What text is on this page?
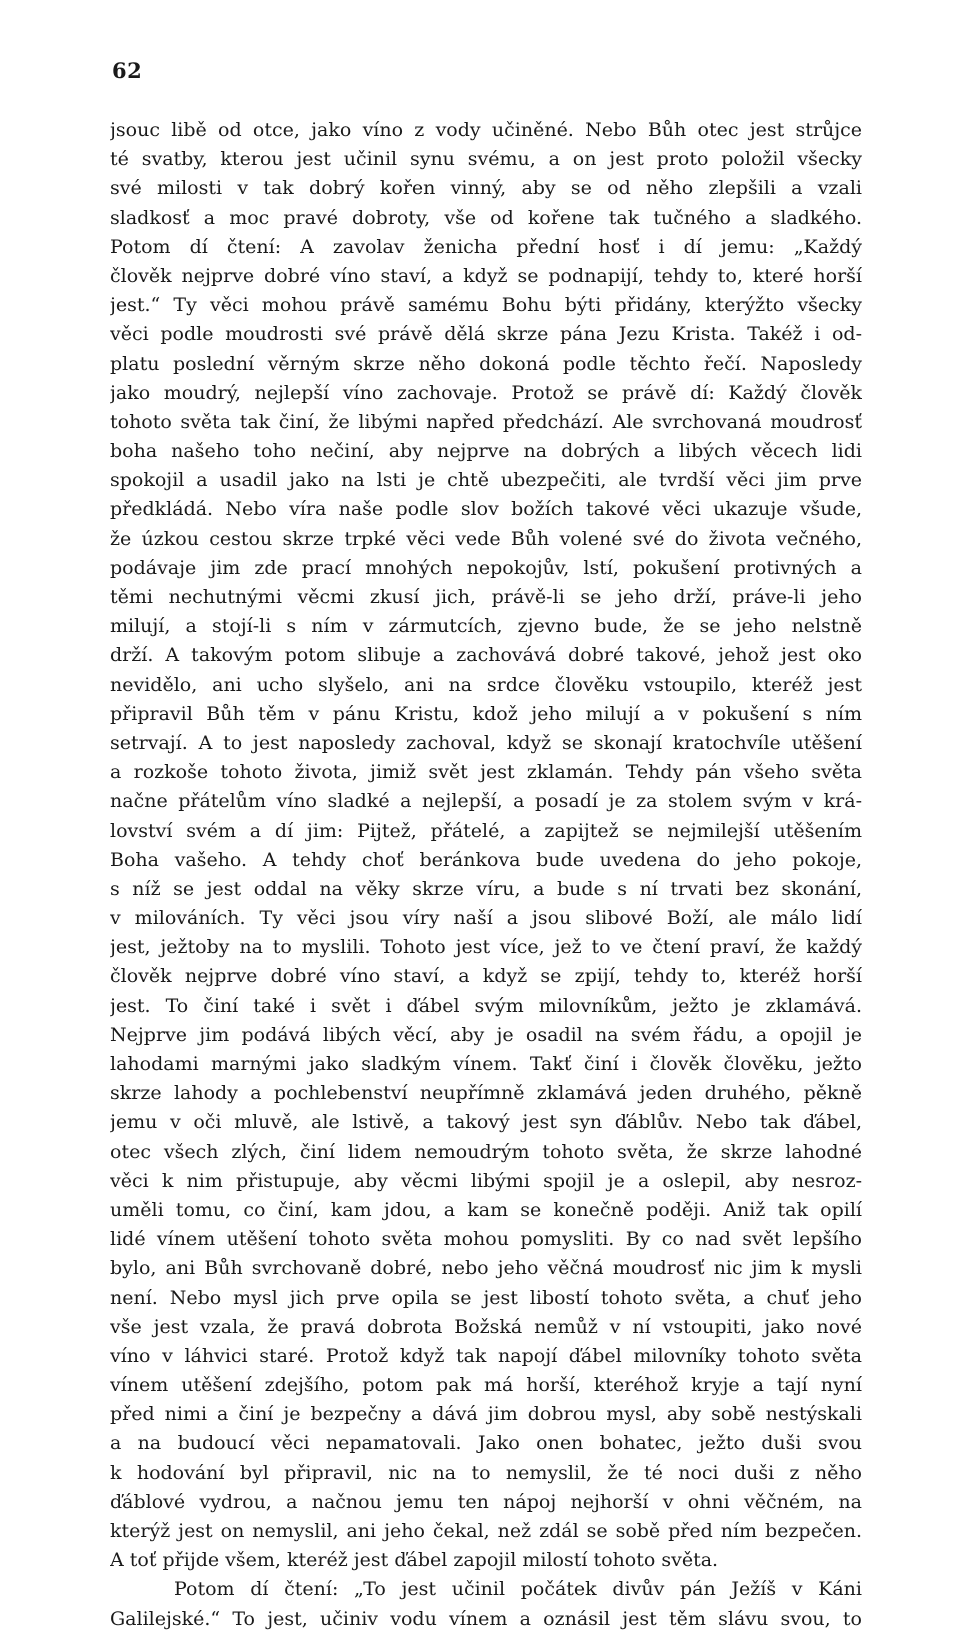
62
jsouc libě od otce, jako víno z vody učiněné. Nebo Bůh otec jest strůjce
té svatby, kterou jest učinil synu svému, a on jest proto položil všecky
své milosti v tak dobrý kořen vinný, aby se od něho zlepšili a vzali
sladkosť a moc pravé dobroty, vše od kořene tak tučného a sladkého.
Potom dí čtení: A zavolav ženicha přední hosť i dí jemu: „Každý
člověk nejprve dobré víno staví, a když se podnapijí, tehdy to, které horší
jest.“ Ty věci mohou právě samému Bohu býti přidány, kterýžto všecky
věci podle moudrosti své právě dělá skrze pána Jezu Krista. Takéž i od-
platu poslední věrným skrze něho dokoná podle těchto řečí. Naposledy
jako moudrý, nejlepší víno zachovaje. Protož se právě dí: Každý člověk
tohoto světa tak činí, že libými napřed předchází. Ale svrchovaná moudrosť
boha našeho toho nečiní, aby nejprve na dobrých a libých věcech lidi
spokojil a usadil jako na lsti je chtě ubezpečiti, ale tvrdší věci jim prve
předkládá. Nebo víra naše podle slov božích takové věci ukazuje všude,
že úzkou cestou skrze trpké věci vede Bůh volené své do života večného,
podávaje jim zde prací mnohých nepokojův, lstí, pokušení protivných a
těmi nechutnými věcmi zkusí jich, právě-li se jeho drží, práve-li jeho
milují, a stojí-li s ním v zármutcích, zjevno bude, že se jeho nelstně
drží. A takovým potom slibuje a zachovává dobré takové, jehož jest oko
nevidělo, ani ucho slyšelo, ani na srdce člověku vstoupilo, kteréž jest
připravil Bůh těm v pánu Kristu, kdož jeho milují a v pokušení s ním
setrvají. A to jest naposledy zachoval, když se skonají kratochvíle utěšení
a rozkoše tohoto života, jimiž svět jest zklamán. Tehdy pán všeho světa
načne přátelům víno sladké a nejlepší, a posadí je za stolem svým v krá-
lovství svém a dí jim: Pijtež, přátelé, a zapijtež se nejmilejší utěšením
Boha vašeho. A tehdy choť beránkova bude uvedena do jeho pokoje,
s níž se jest oddal na věky skrze víru, a bude s ní trvati bez skonání,
v milováních. Ty věci jsou víry naší a jsou slibové Boží, ale málo lidí
jest, ježtoby na to myslili. Tohoto jest více, jež to ve čtení praví, že každý
člověk nejprve dobré víno staví, a když se zpijí, tehdy to, kteréž horší
jest. To činí také i svět i ďábel svým milovníkům, ježto je zklamává.
Nejprve jim podává libých věcí, aby je osadil na svém řádu, a opojil je
lahodami marnými jako sladkým vínem. Takť činí i člověk člověku, ježto
skrze lahody a pochlebenství neupřímně zklamává jeden druhého, pěkně
jemu v oči mluvě, ale lstivě, a takový jest syn ďáblův. Nebo tak ďábel,
otec všech zlých, činí lidem nemoudrým tohoto světa, že skrze lahodné
věci k nim přistupuje, aby věcmi libými spojil je a oslepil, aby nesroz-
uměli tomu, co činí, kam jdou, a kam se konečně poději. Aniž tak opilí
lidé vínem utěšení tohoto světa mohou pomysliti. By co nad svět lepšího
bylo, ani Bůh svrchovaně dobré, nebo jeho věčná moudrosť nic jim k mysli
není. Nebo mysl jich prve opila se jest libostí tohoto světa, a chuť jeho
vše jest vzala, že pravá dobrota Božská nemůž v ní vstoupiti, jako nové
víno v láhvici staré. Protož když tak napojí ďábel milovníky tohoto světa
vínem utěšení zdejšího, potom pak má horší, kteréhož kryje a tají nyní
před nimi a činí je bezpečny a dává jim dobrou mysl, aby sobě nestýskali
a na budoucí věci nepamatovali. Jako onen bohatec, ježto duši svou
k hodování byl připravil, nic na to nemyslil, že té noci duši z něho
ďáblové vydrou, a načnou jemu ten nápoj nejhorší v ohni věčném, na
kterýž jest on nemyslil, ani jeho čekal, než zdál se sobě před ním bezpečen.
A toť přijde všem, kteréž jest ďábel zapojil milostí tohoto světa.
Potom dí čtení: „To jest učinil počátek divův pán Ježíš v Káni
Galilejské.“ To jest, učiniv vodu vínem a oznásil jest těm slávu svou, to
